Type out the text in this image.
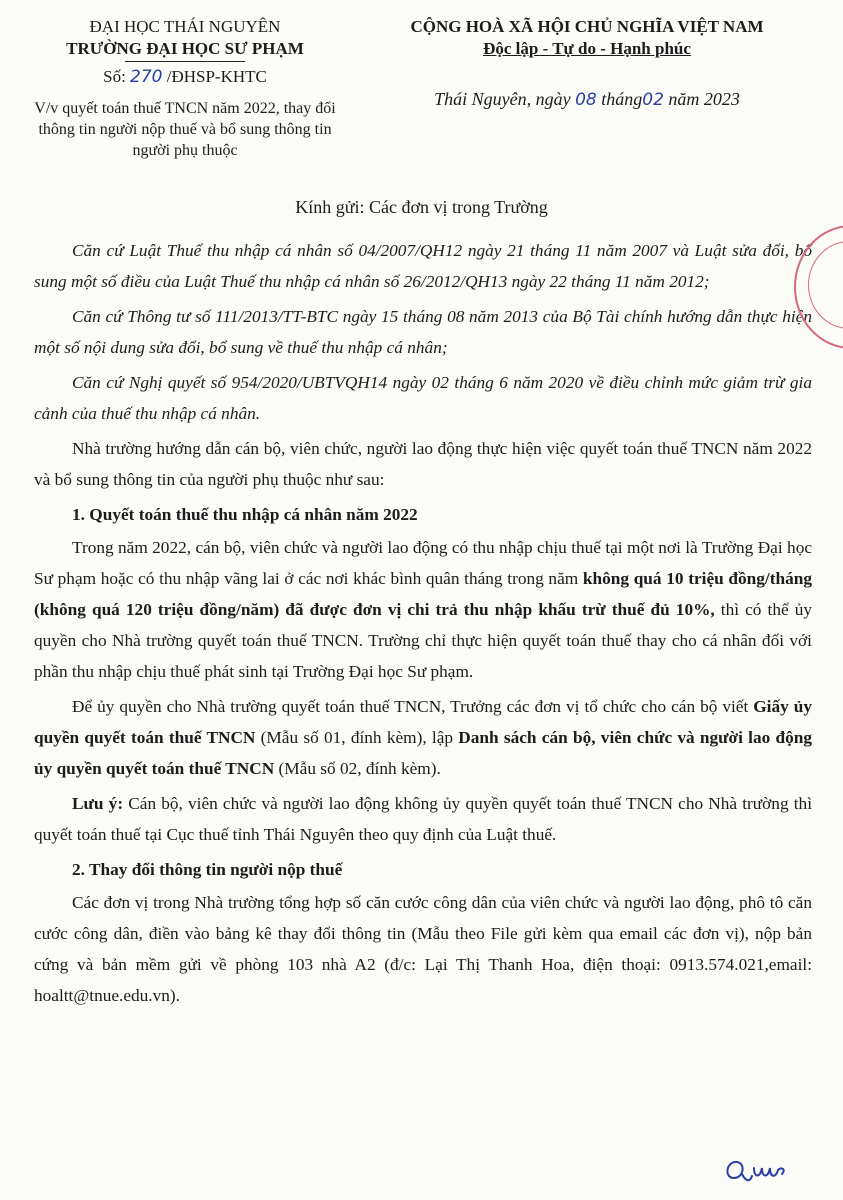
ĐẠI HỌC THÁI NGUYÊN
TRƯỜNG ĐẠI HỌC SƯ PHẠM
Số: 270 /ĐHSP-KHTC
V/v quyết toán thuế TNCN năm 2022, thay đổi thông tin người nộp thuế và bổ sung thông tin người phụ thuộc
CỘNG HOÀ XÃ HỘI CHỦ NGHĨA VIỆT NAM
Độc lập - Tự do - Hạnh phúc
Thái Nguyên, ngày 08 tháng02 năm 2023
Kính gửi: Các đơn vị trong Trường

Căn cứ Luật Thuế thu nhập cá nhân số 04/2007/QH12 ngày 21 tháng 11 năm 2007 và Luật sửa đổi, bổ sung một số điều của Luật Thuế thu nhập cá nhân số 26/2012/QH13 ngày 22 tháng 11 năm 2012;

Căn cứ Thông tư số 111/2013/TT-BTC ngày 15 tháng 08 năm 2013 của Bộ Tài chính hướng dẫn thực hiện một số nội dung sửa đổi, bổ sung về thuế thu nhập cá nhân;

Căn cứ Nghị quyết số 954/2020/UBTVQH14 ngày 02 tháng 6 năm 2020 về điều chỉnh mức giảm trừ gia cảnh của thuế thu nhập cá nhân.

Nhà trường hướng dẫn cán bộ, viên chức, người lao động thực hiện việc quyết toán thuế TNCN năm 2022 và bổ sung thông tin của người phụ thuộc như sau:

1. Quyết toán thuế thu nhập cá nhân năm 2022

Trong năm 2022, cán bộ, viên chức và người lao động có thu nhập chịu thuế tại một nơi là Trường Đại học Sư phạm hoặc có thu nhập vãng lai ở các nơi khác bình quân tháng trong năm không quá 10 triệu đồng/tháng (không quá 120 triệu đồng/năm) đã được đơn vị chi trả thu nhập khấu trừ thuế đủ 10%, thì có thể ủy quyền cho Nhà trường quyết toán thuế TNCN. Trường chỉ thực hiện quyết toán thuế thay cho cá nhân đối với phần thu nhập chịu thuế phát sinh tại Trường Đại học Sư phạm.

Để ủy quyền cho Nhà trường quyết toán thuế TNCN, Trưởng các đơn vị tổ chức cho cán bộ viết Giấy ủy quyền quyết toán thuế TNCN (Mẫu số 01, đính kèm), lập Danh sách cán bộ, viên chức và người lao động ủy quyền quyết toán thuế TNCN (Mẫu số 02, đính kèm).

Lưu ý: Cán bộ, viên chức và người lao động không ủy quyền quyết toán thuế TNCN cho Nhà trường thì quyết toán thuế tại Cục thuế tỉnh Thái Nguyên theo quy định của Luật thuế.

2. Thay đổi thông tin người nộp thuế

Các đơn vị trong Nhà trường tổng hợp số căn cước công dân của viên chức và người lao động, phô tô căn cước công dân, điền vào bảng kê thay đổi thông tin (Mẫu theo File gửi kèm qua email các đơn vị), nộp bản cứng và bản mềm gửi về phòng 103 nhà A2 (đ/c: Lại Thị Thanh Hoa, điện thoại: 0913.574.021,email: hoaltt@tnue.edu.vn).
